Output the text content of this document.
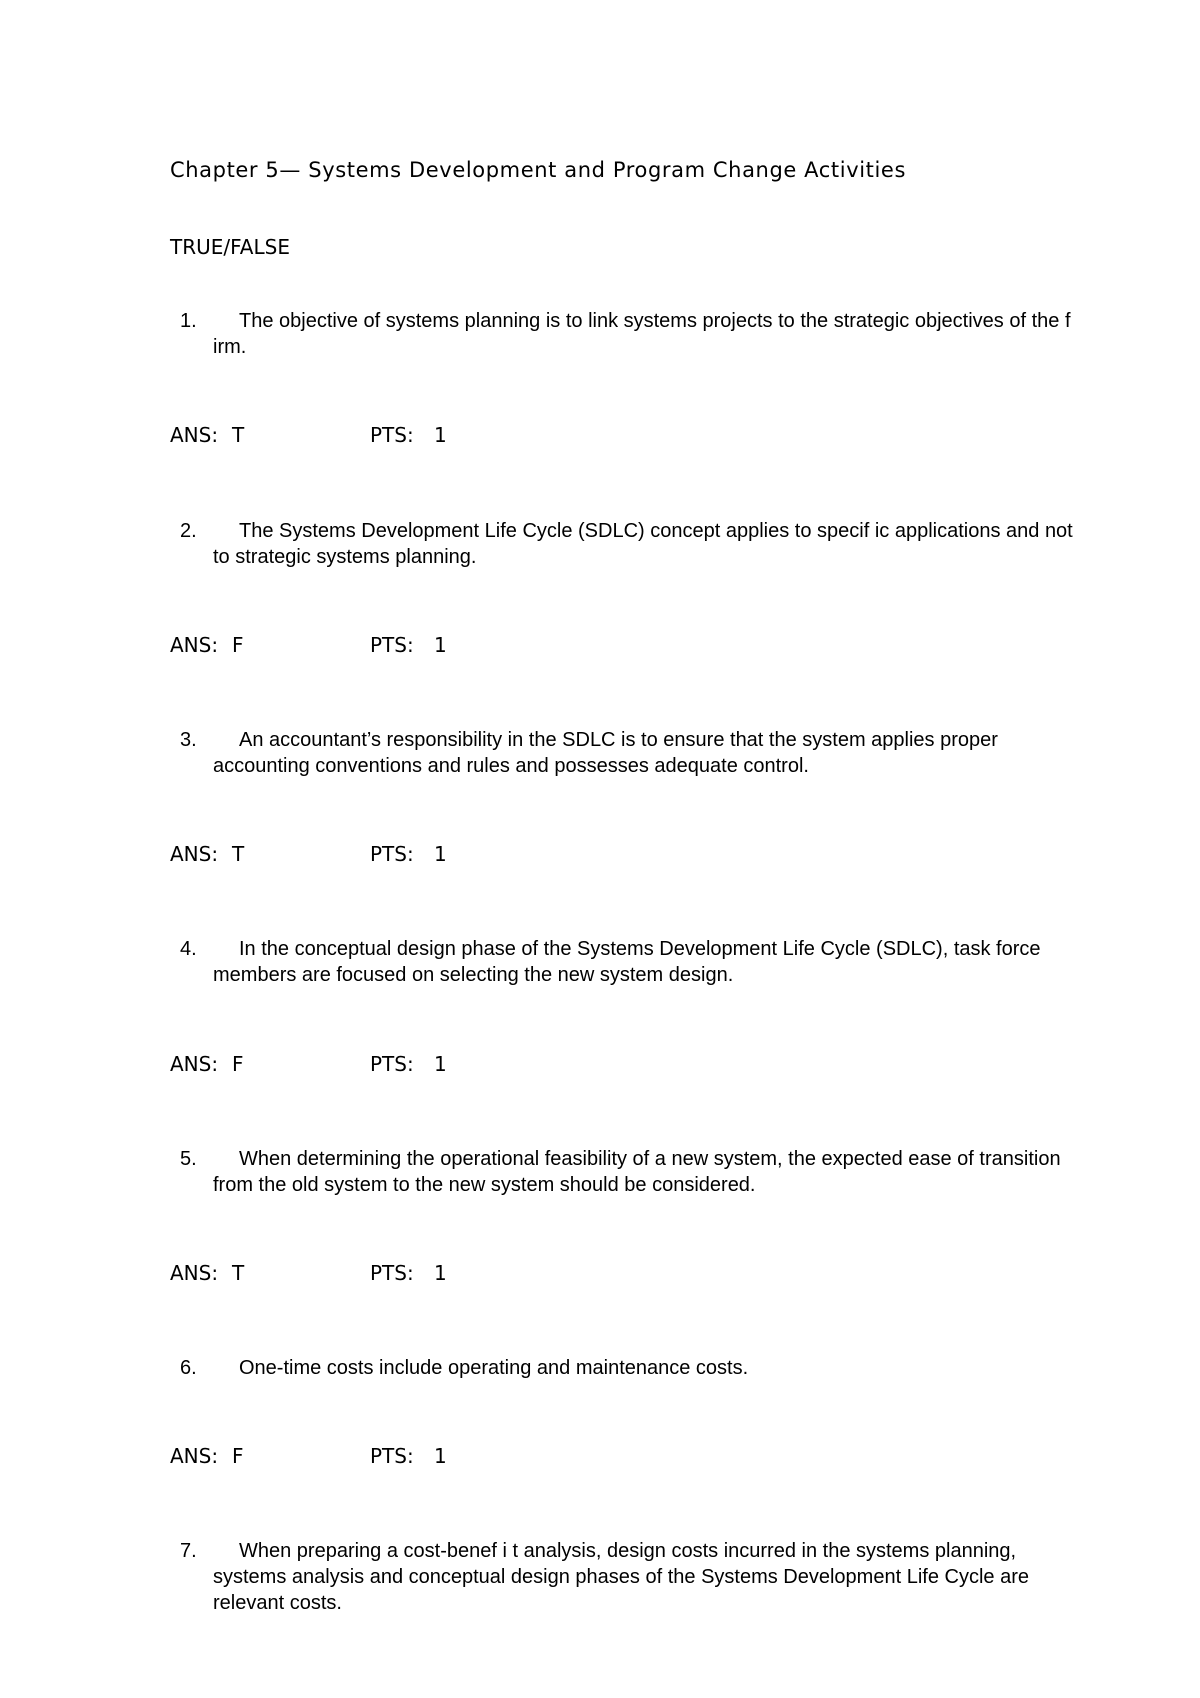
Chapter 5— Systems Development and Program Change Activities
TRUE/FALSE
1.	The objective of systems planning is to link systems projects to the strategic objectives of the f irm.
ANS: T	PTS: 1
2.	The Systems Development Life Cycle (SDLC) concept applies to specif ic applications and not to strategic systems planning.
ANS: F	PTS: 1
3.	An accountant’s responsibility in the SDLC is to ensure that the system applies proper accounting conventions and rules and possesses adequate control.
ANS: T	PTS: 1
4.	In the conceptual design phase of the Systems Development Life Cycle (SDLC), task force members are focused on selecting the new system design.
ANS: F	PTS: 1
5.	When determining the operational feasibility of a new system, the expected ease of transition from the old system to the new system should be considered.
ANS: T	PTS: 1
6.	One-time costs include operating and maintenance costs.
ANS: F	PTS: 1
7.	When preparing a cost-benef i t analysis, design costs incurred in the systems planning, systems analysis and conceptual design phases of the Systems Development Life Cycle are relevant costs.
